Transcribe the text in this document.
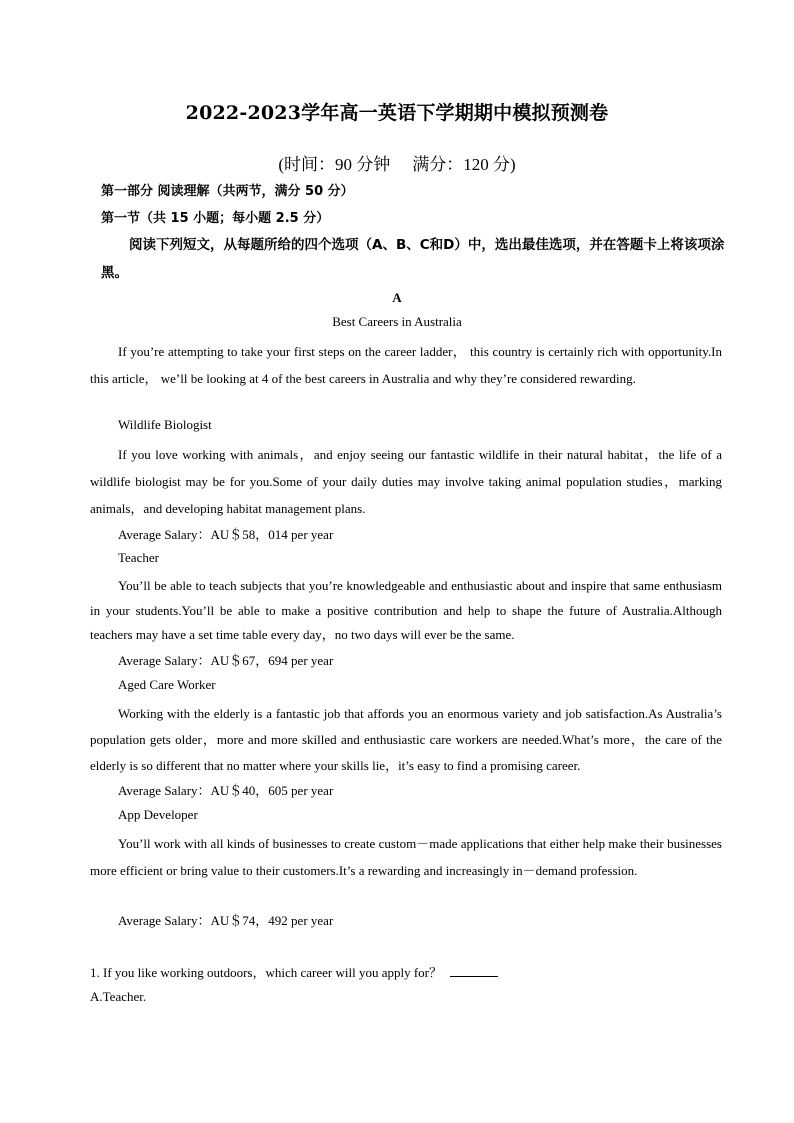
2022-2023学年高一英语下学期期中模拟预测卷
(时间：90 分钟 满分：120 分)
第一部分 阅读理解（共两节，满分 50 分）
第一节（共 15 小题；每小题 2.5 分）
阅读下列短文，从每题所给的四个选项（A、B、C和D）中，选出最佳选项，并在答题卡上将该项涂黑。
A
Best Careers in Australia
If you’re attempting to take your first steps on the career ladder， this country is certainly rich with opportunity.In this article， we’ll be looking at 4 of the best careers in Australia and why they’re considered rewarding.
Wildlife Biologist
If you love working with animals，and enjoy seeing our fantastic wildlife in their natural habitat，the life of a wildlife biologist may be for you.Some of your daily duties may involve taking animal population studies，marking animals，and developing habitat management plans.
Average Salary：AU＄58，014 per year
Teacher
You’ll be able to teach subjects that you’re knowledgeable and enthusiastic about and inspire that same enthusiasm in your students.You’ll be able to make a positive contribution and help to shape the future of Australia.Although teachers may have a set time table every day，no two days will ever be the same.
Average Salary：AU＄67，694 per year
Aged Care Worker
Working with the elderly is a fantastic job that affords you an enormous variety and job satisfaction.As Australia’s population gets older，more and more skilled and enthusiastic care workers are needed.What’s more，the care of the elderly is so different that no matter where your skills lie，it’s easy to find a promising career.
Average Salary：AU＄40，605 per year
App Developer
You’ll work with all kinds of businesses to create custom－made applications that either help make their businesses more efficient or bring value to their customers.It’s a rewarding and increasingly in－demand profession.
Average Salary：AU＄74，492 per year
1. If you like working outdoors，which career will you apply for？
A.Teacher.
